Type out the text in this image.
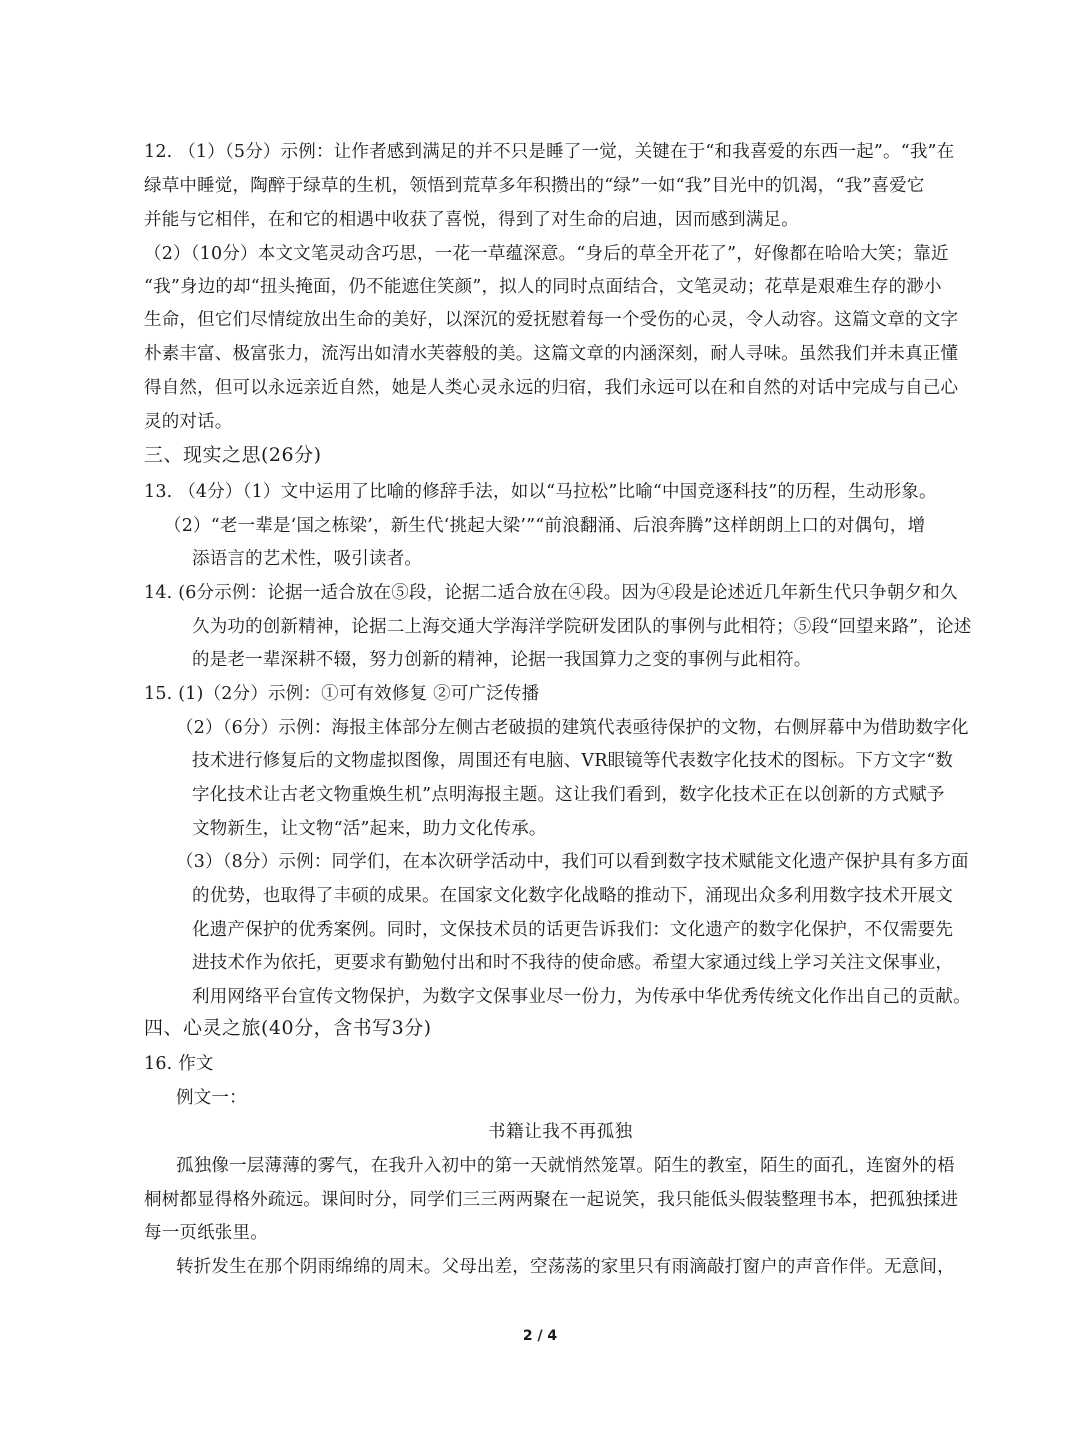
12. （1）（5分）示例：让作者感到满足的并不只是睡了一觉，关键在于“和我喜爱的东西一起”。“我”在
绿草中睡觉，陶醉于绿草的生机，领悟到荒草多年积攒出的“绿”一如“我”目光中的饥渴，“我”喜爱它
并能与它相伴，在和它的相遇中收获了喜悦，得到了对生命的启迪，因而感到满足。
（2）（10分）本文文笔灵动含巧思，一花一草蕴深意。“身后的草全开花了”，好像都在哈哈大笑；靠近
“我”身边的却“扭头掩面，仍不能遮住笑颜”，拟人的同时点面结合，文笔灵动；花草是艰难生存的渺小
生命，但它们尽情绽放出生命的美好，以深沉的爱抚慰着每一个受伤的心灵，令人动容。这篇文章的文字
朴素丰富、极富张力，流泻出如清水芙蓉般的美。这篇文章的内涵深刻，耐人寻味。虽然我们并未真正懂
得自然，但可以永远亲近自然，她是人类心灵永远的归宿，我们永远可以在和自然的对话中完成与自己心
灵的对话。
三、现实之思(26分)
13. （4分）（1）文中运用了比喻的修辞手法，如以“马拉松”比喻“中国竞逐科技”的历程，生动形象。
（2）“老一辈是‘国之栋梁’，新生代‘挑起大梁’”“前浪翻涌、后浪奔腾”这样朗朗上口的对偶句，增
添语言的艺术性，吸引读者。
14. (6分示例：论据一适合放在⑤段，论据二适合放在④段。因为④段是论述近几年新生代只争朝夕和久
久为功的创新精神，论据二上海交通大学海洋学院研发团队的事例与此相符；⑤段“回望来路”，论述
的是老一辈深耕不辍，努力创新的精神，论据一我国算力之变的事例与此相符。
15. (1)（2分）示例：①可有效修复 ②可广泛传播
（2）（6分）示例：海报主体部分左侧古老破损的建筑代表亟待保护的文物，右侧屏幕中为借助数字化
技术进行修复后的文物虚拟图像，周围还有电脑、VR眼镜等代表数字化技术的图标。下方文字“数
字化技术让古老文物重焕生机”点明海报主题。这让我们看到，数字化技术正在以创新的方式赋予
文物新生，让文物“活”起来，助力文化传承。
（3）（8分）示例：同学们，在本次研学活动中，我们可以看到数字技术赋能文化遗产保护具有多方面
的优势，也取得了丰硕的成果。在国家文化数字化战略的推动下，涌现出众多利用数字技术开展文
化遗产保护的优秀案例。同时，文保技术员的话更告诉我们：文化遗产的数字化保护，不仅需要先
进技术作为依托，更要求有勤勉付出和时不我待的使命感。希望大家通过线上学习关注文保事业，
利用网络平台宣传文物保护，为数字文保事业尽一份力，为传承中华优秀传统文化作出自己的贡献。
四、心灵之旅(40分，含书写3分)
16. 作文
例文一：
书籍让我不再孤独
孤独像一层薄薄的雾气，在我升入初中的第一天就悄然笼罩。陌生的教室，陌生的面孔，连窗外的梧
桐树都显得格外疏远。课间时分，同学们三三两两聚在一起说笑，我只能低头假装整理书本，把孤独揉进
每一页纸张里。
转折发生在那个阴雨绵绵的周末。父母出差，空荡荡的家里只有雨滴敲打窗户的声音作伴。无意间，
2 / 4
